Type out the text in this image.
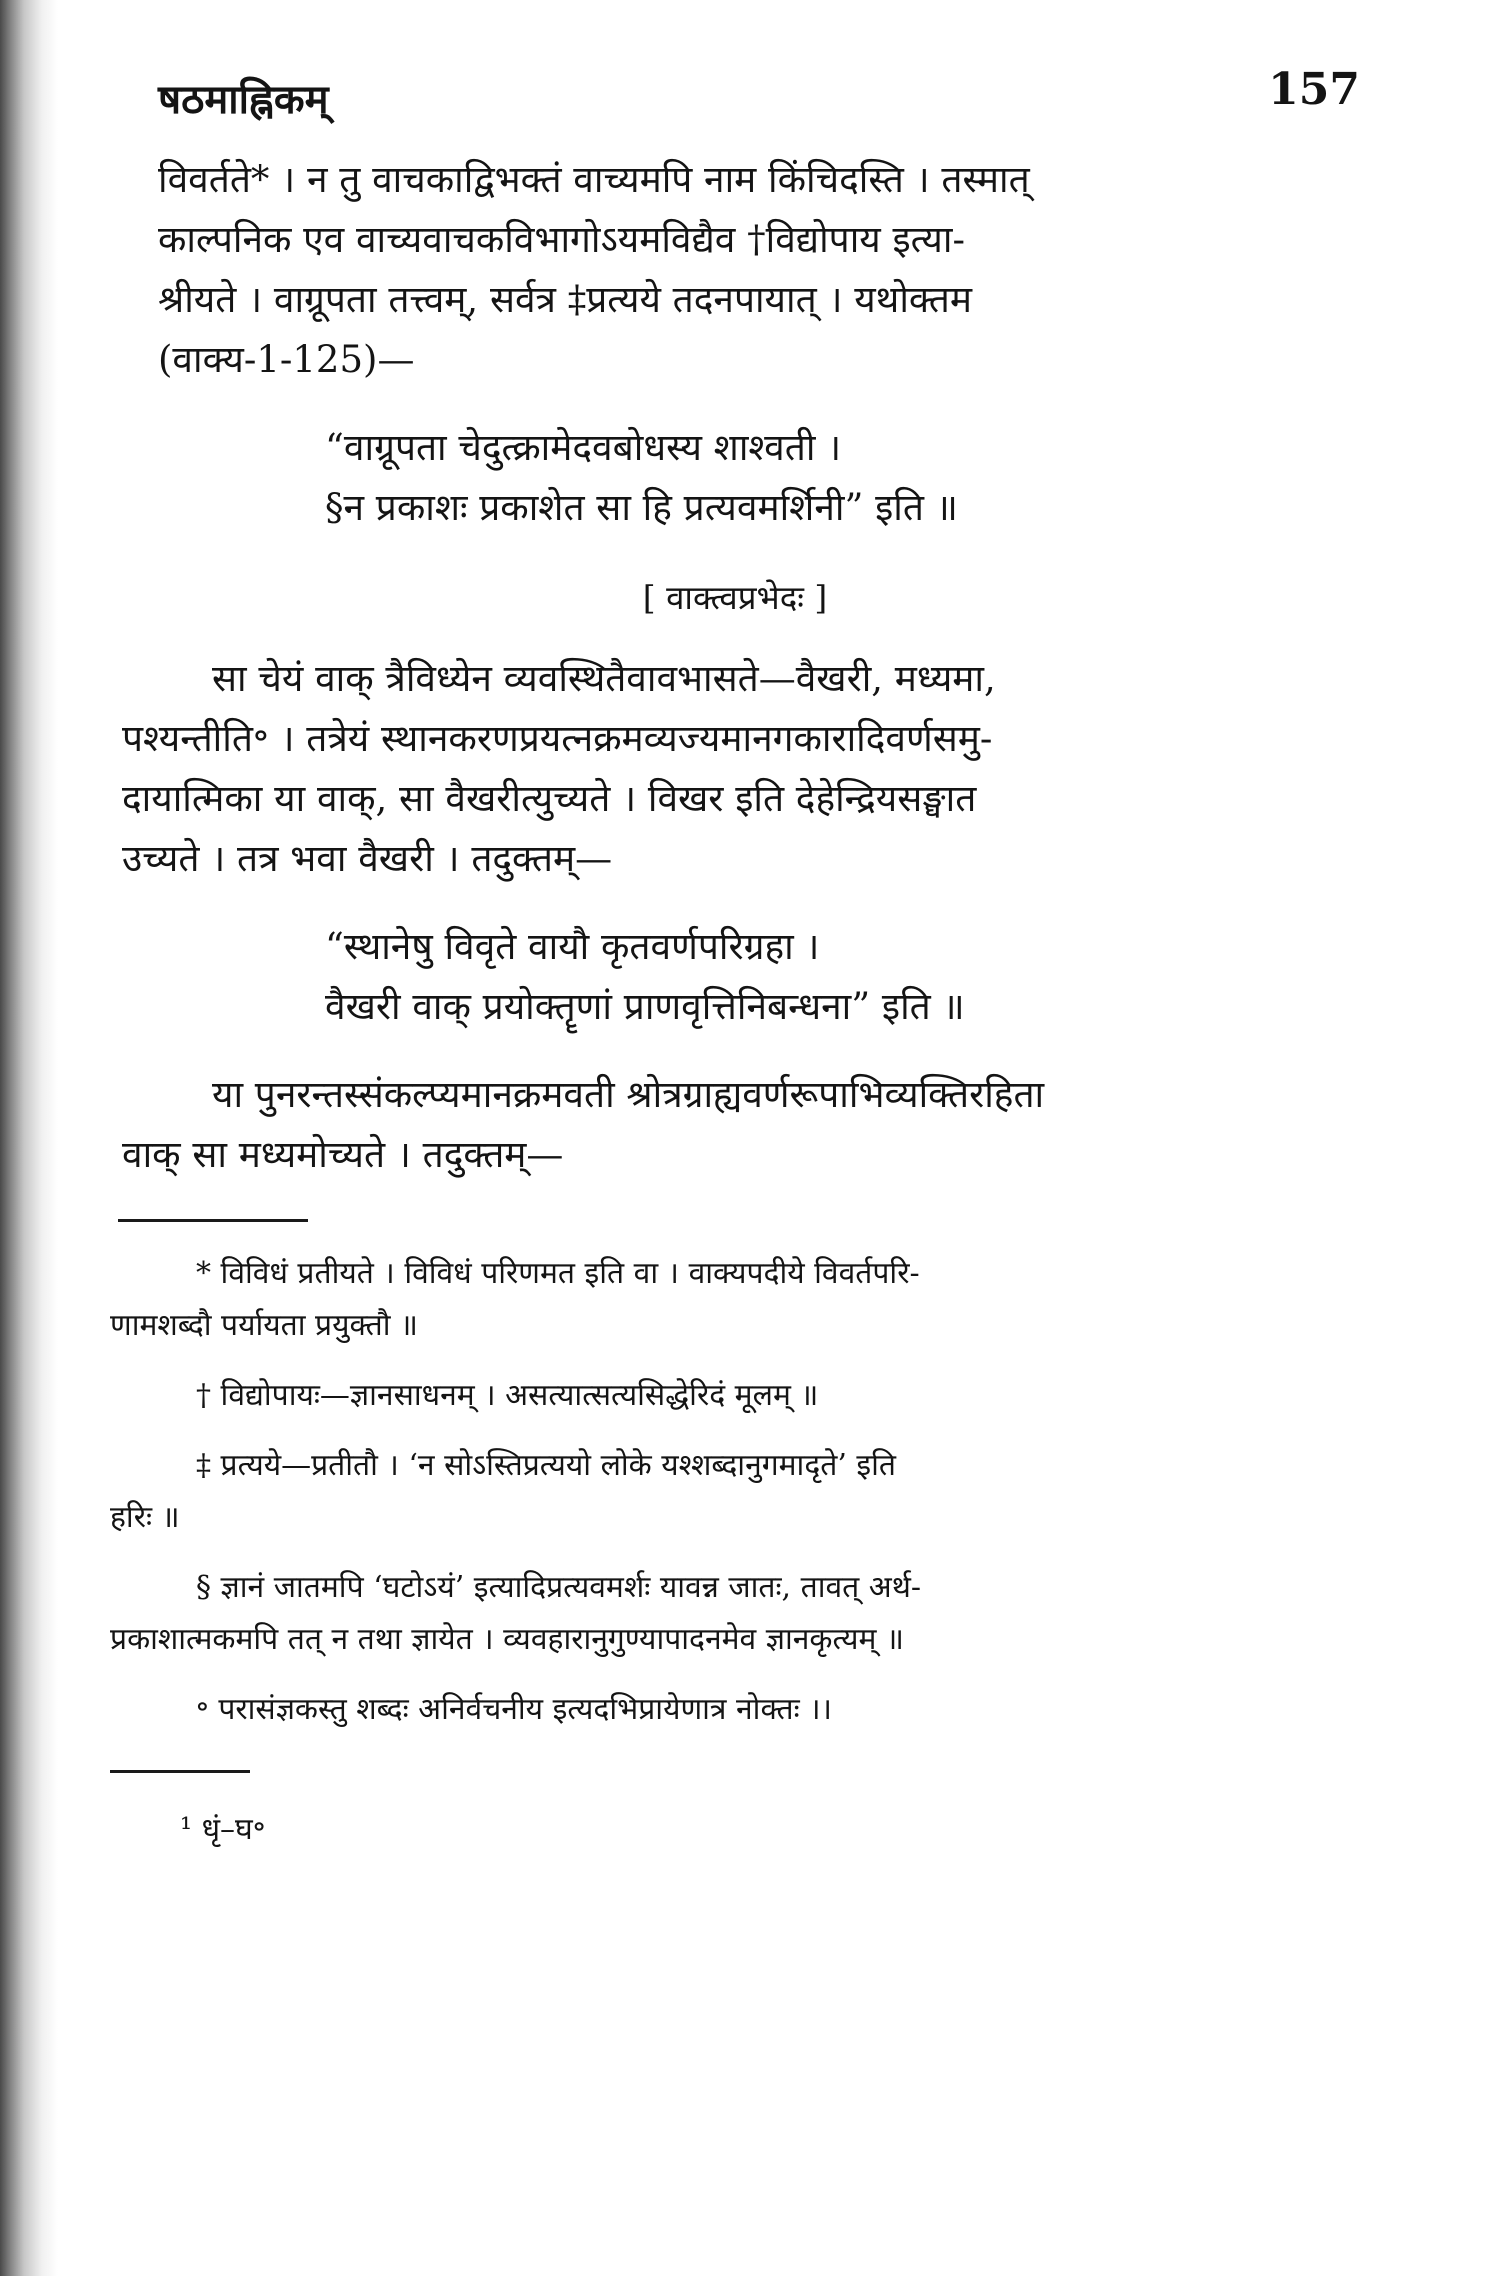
षठमाह्निकम्	157
विवर्तते* । न तु वाचकाद्विभक्तं वाच्यमपि नाम किंचिदस्ति । तस्मात्
काल्पनिक एव वाच्यवाचकविभागोऽयमविद्यैव †विद्योपाय इत्या-
श्रीयते । वाग्रूपता तत्त्वम्, सर्वत्र ‡प्रत्यये तदनपायात् । यथोक्तम
(वाक्य-1-125)—
“वाग्रूपता चेदुत्क्रामेदवबोधस्य शाश्वती ।
§न प्रकाशः प्रकाशेत सा हि प्रत्यवमर्शिनी” इति ॥
[ वाक्त्वप्रभेदः ]
सा चेयं वाक् त्रैविध्येन व्यवस्थितैवावभासते—वैखरी, मध्यमा,
पश्यन्तीति॰ । तत्रेयं स्थानकरणप्रयत्नक्रमव्यज्यमानगकारादिवर्णसमु-
दायात्मिका या वाक्, सा वैखरीत्युच्यते । विखर इति देहेन्द्रियसङ्घात
उच्यते । तत्र भवा वैखरी । तदुक्तम्—
“स्थानेषु विवृते वायौ कृतवर्णपरिग्रहा ।
वैखरी वाक् प्रयोक्तॄणां प्राणवृत्तिनिबन्धना” इति ॥
या पुनरन्तस्संकल्प्यमानक्रमवती श्रोत्रग्राह्यवर्णरूपाभिव्यक्तिरहिता
वाक् सा मध्यमोच्यते । तदुक्तम्—
* विविधं प्रतीयते । विविधं परिणमत इति वा । वाक्यपदीये विवर्तपरि-
णामशब्दौ पर्यायता प्रयुक्तौ ॥
† विद्योपायः—ज्ञानसाधनम् । असत्यात्सत्यसिद्धेरिदं मूलम् ॥
‡ प्रत्यये—प्रतीतौ । ‘न सोऽस्तिप्रत्ययो लोके यश्शब्दानुगमादृते’ इति
हरिः ॥
§ ज्ञानं जातमपि ‘घटोऽयं’ इत्यादिप्रत्यवमर्शः यावन्न जातः, तावत् अर्थ-
प्रकाशात्मकमपि तत् न तथा ज्ञायेत । व्यवहारानुगुण्यापादनमेव ज्ञानकृत्यम् ॥
॰ परासंज्ञकस्तु शब्दः अनिर्वचनीय इत्यदभिप्रायेणात्र नोक्तः ।।
¹ धृं–घ॰
